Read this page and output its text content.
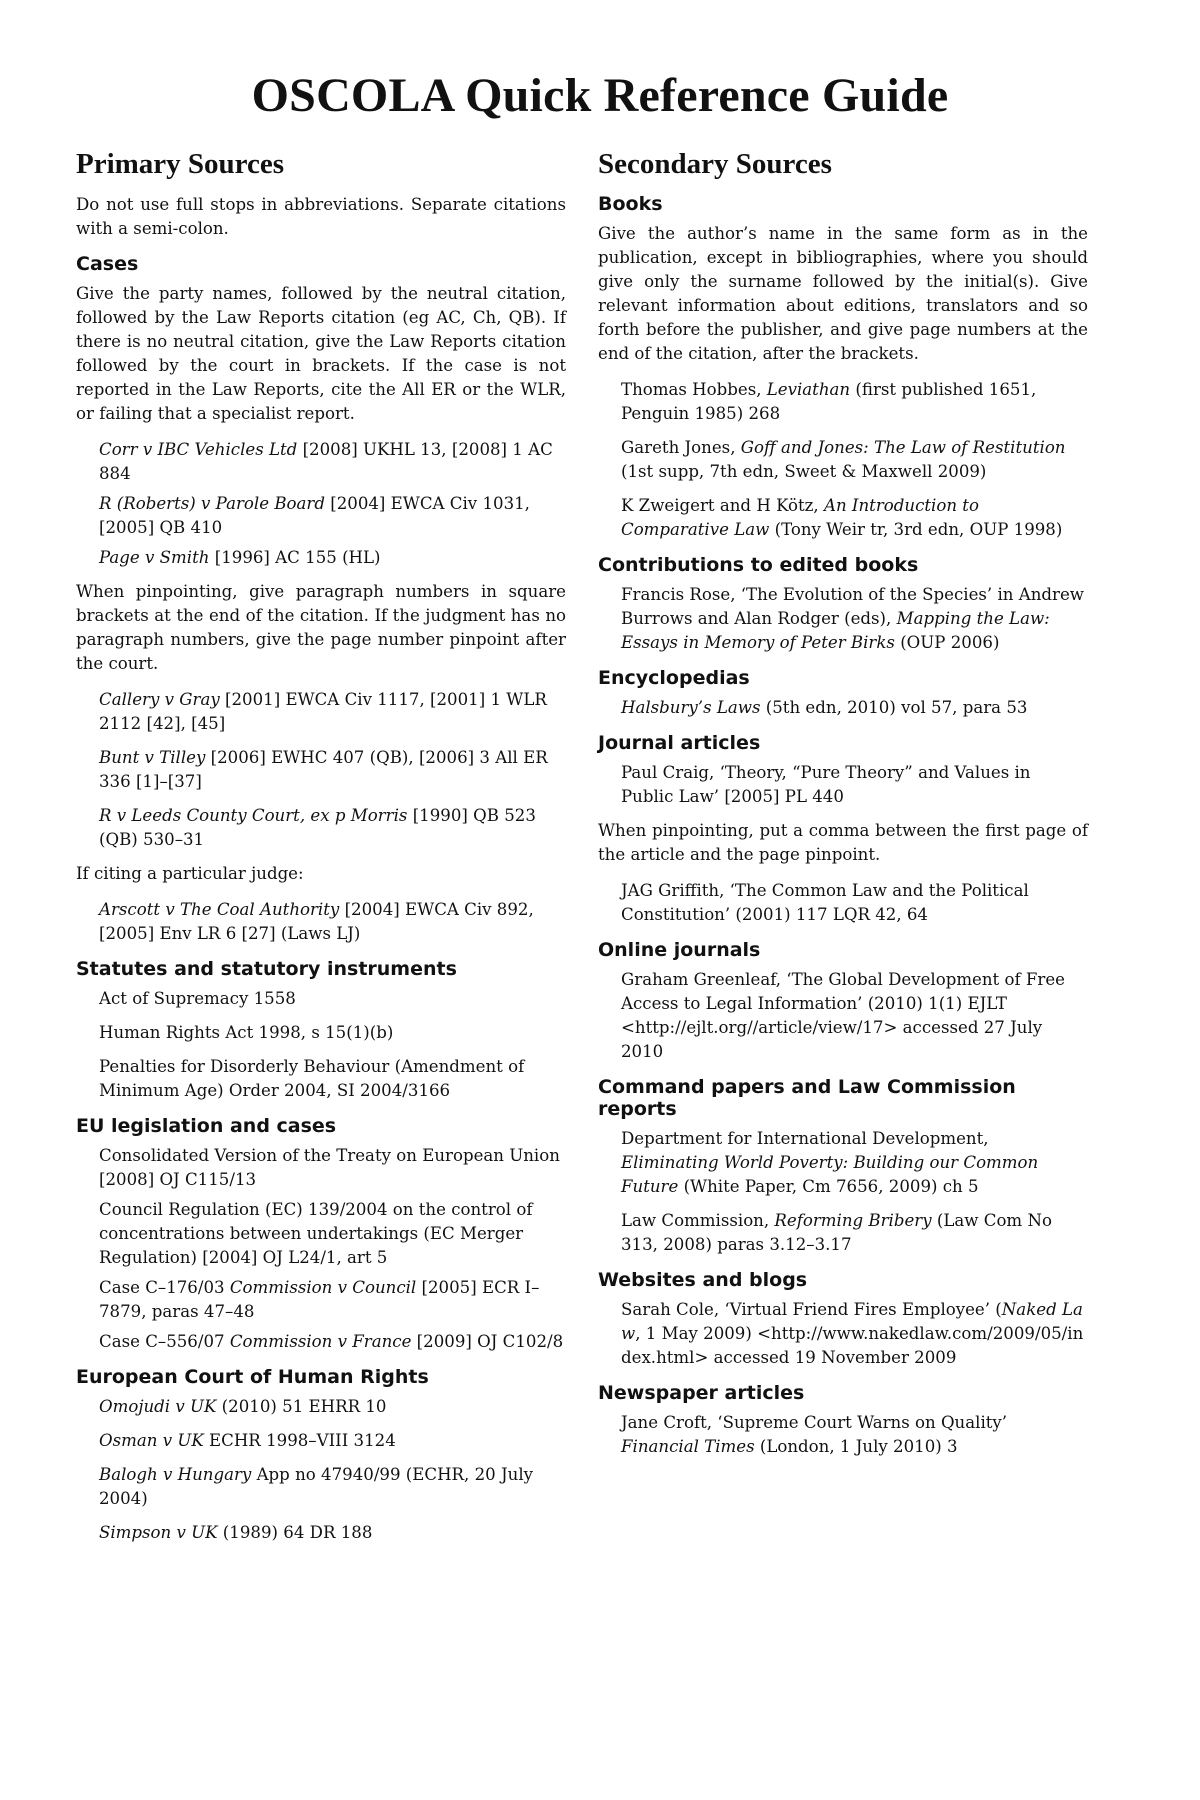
OSCOLA Quick Reference Guide
Primary Sources

Do not use full stops in abbreviations. Separate citations with a semi-colon.

Cases

Give the party names, followed by the neutral citation, followed by the Law Reports citation (eg AC, Ch, QB). If there is no neutral citation, give the Law Reports citation followed by the court in brackets. If the case is not reported in the Law Reports, cite the All ER or the WLR, or failing that a specialist report.

Corr v IBC Vehicles Ltd [2008] UKHL 13, [2008] 1 AC 884
R (Roberts) v Parole Board [2004] EWCA Civ 1031, [2005] QB 410
Page v Smith [1996] AC 155 (HL)

When pinpointing, give paragraph numbers in square brackets at the end of the citation. If the judgment has no paragraph numbers, give the page number pinpoint after the court.

Callery v Gray [2001] EWCA Civ 1117, [2001] 1 WLR 2112 [42], [45]
Bunt v Tilley [2006] EWHC 407 (QB), [2006] 3 All ER 336 [1]–[37]
R v Leeds County Court, ex p Morris [1990] QB 523 (QB) 530–31

If citing a particular judge:

Arscott v The Coal Authority [2004] EWCA Civ 892, [2005] Env LR 6 [27] (Laws LJ)
Statutes and statutory instruments
Act of Supremacy 1558
Human Rights Act 1998, s 15(1)(b)
Penalties for Disorderly Behaviour (Amendment of Minimum Age) Order 2004, SI 2004/3166
EU legislation and cases
Consolidated Version of the Treaty on European Union [2008] OJ C115/13
Council Regulation (EC) 139/2004 on the control of concentrations between undertakings (EC Merger Regulation) [2004] OJ L24/1, art 5
Case C–176/03 Commission v Council [2005] ECR I–7879, paras 47–48
Case C–556/07 Commission v France [2009] OJ C102/8
European Court of Human Rights
Omojudi v UK (2010) 51 EHRR 10
Osman v UK ECHR 1998–VIII 3124
Balogh v Hungary App no 47940/99 (ECHR, 20 July 2004)
Simpson v UK (1989) 64 DR 188
Secondary Sources
Books

Give the author’s name in the same form as in the publication, except in bibliographies, where you should give only the surname followed by the initial(s). Give relevant information about editions, translators and so forth before the publisher, and give page numbers at the end of the citation, after the brackets.

Thomas Hobbes, Leviathan (first published 1651, Penguin 1985) 268
Gareth Jones, Goff and Jones: The Law of Restitution (1st supp, 7th edn, Sweet & Maxwell 2009)
K Zweigert and H Kötz, An Introduction to Comparative Law (Tony Weir tr, 3rd edn, OUP 1998)
Contributions to edited books
Francis Rose, ‘The Evolution of the Species’ in Andrew Burrows and Alan Rodger (eds), Mapping the Law: Essays in Memory of Peter Birks (OUP 2006)
Encyclopedias
Halsbury’s Laws (5th edn, 2010) vol 57, para 53
Journal articles
Paul Craig, ‘Theory, “Pure Theory” and Values in Public Law’ [2005] PL 440

When pinpointing, put a comma between the first page of the article and the page pinpoint.

JAG Griffith, ‘The Common Law and the Political Constitution’ (2001) 117 LQR 42, 64
Online journals
Graham Greenleaf, ‘The Global Development of Free Access to Legal Information’ (2010) 1(1) EJLT <http://ejlt.org//article/view/17> accessed 27 July 2010
Command papers and Law Commission reports
Department for International Development, Eliminating World Poverty: Building our Common Future (White Paper, Cm 7656, 2009) ch 5
Law Commission, Reforming Bribery (Law Com No 313, 2008) paras 3.12–3.17
Websites and blogs
Sarah Cole, ‘Virtual Friend Fires Employee’ (Naked Law, 1 May 2009) <http://www.nakedlaw.com/2009/05/index.html> accessed 19 November 2009
Newspaper articles
Jane Croft, ‘Supreme Court Warns on Quality’ Financial Times (London, 1 July 2010) 3
